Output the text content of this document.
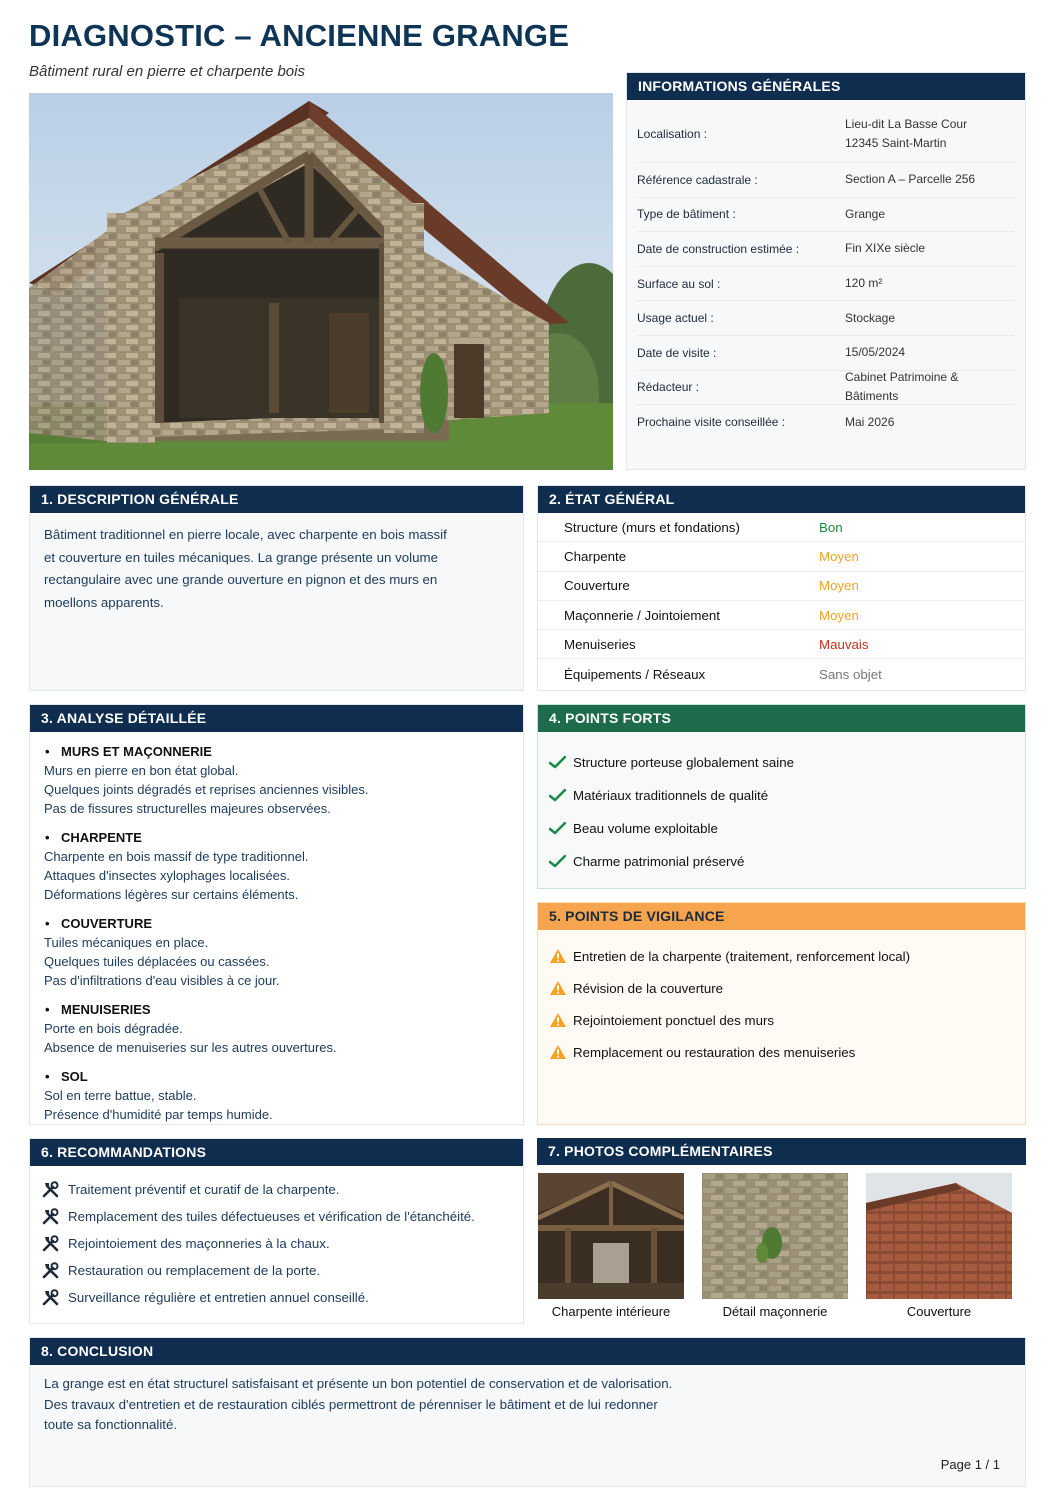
DIAGNOSTIC – ANCIENNE GRANGE
Bâtiment rural en pierre et charpente bois
INFORMATIONS GÉNÉRALES
Localisation :
Lieu-dit La Basse Cour
12345 Saint-Martin
Référence cadastrale :	Section A – Parcelle 256
Type de bâtiment :	Grange
Date de construction estimée :	Fin XIXe siècle
Surface au sol :	120 m²
Usage actuel :	Stockage
Date de visite :	15/05/2024
Rédacteur :
Cabinet Patrimoine & Bâtiments
Prochaine visite conseillée :	Mai 2026
1. DESCRIPTION GÉNÉRALE
Bâtiment traditionnel en pierre locale, avec charpente en bois massif et couverture en tuiles mécaniques. La grange présente un volume rectangulaire avec une grande ouverture en pignon et des murs en moellons apparents.
2. ÉTAT GÉNÉRAL
Structure (murs et fondations)	Bon
Charpente	Moyen
Couverture	Moyen
Maçonnerie / Jointoiement	Moyen
Menuiseries	Mauvais
Équipements / Réseaux	Sans objet
3. ANALYSE DÉTAILLÉE
• MURS ET MAÇONNERIE
Murs en pierre en bon état global.
Quelques joints dégradés et reprises anciennes visibles.
Pas de fissures structurelles majeures observées.
• CHARPENTE
Charpente en bois massif de type traditionnel.
Attaques d'insectes xylophages localisées.
Déformations légères sur certains éléments.
• COUVERTURE
Tuiles mécaniques en place.
Quelques tuiles déplacées ou cassées.
Pas d'infiltrations d'eau visibles à ce jour.
• MENUISERIES
Porte en bois dégradée.
Absence de menuiseries sur les autres ouvertures.
• SOL
Sol en terre battue, stable.
Présence d'humidité par temps humide.
4. POINTS FORTS
Structure porteuse globalement saine
Matériaux traditionnels de qualité
Beau volume exploitable
Charme patrimonial préservé
5. POINTS DE VIGILANCE
Entretien de la charpente (traitement, renforcement local)
Révision de la couverture
Rejointoiement ponctuel des murs
Remplacement ou restauration des menuiseries
6. RECOMMANDATIONS
Traitement préventif et curatif de la charpente.
Remplacement des tuiles défectueuses et vérification de l'étanchéité.
Rejointoiement des maçonneries à la chaux.
Restauration ou remplacement de la porte.
Surveillance régulière et entretien annuel conseillé.
7. PHOTOS COMPLÉMENTAIRES
Charpente intérieure	Détail maçonnerie	Couverture
8. CONCLUSION
La grange est en état structurel satisfaisant et présente un bon potentiel de conservation et de valorisation.
Des travaux d'entretien et de restauration ciblés permettront de pérenniser le bâtiment et de lui redonner
toute sa fonctionnalité.
Page 1 / 1
